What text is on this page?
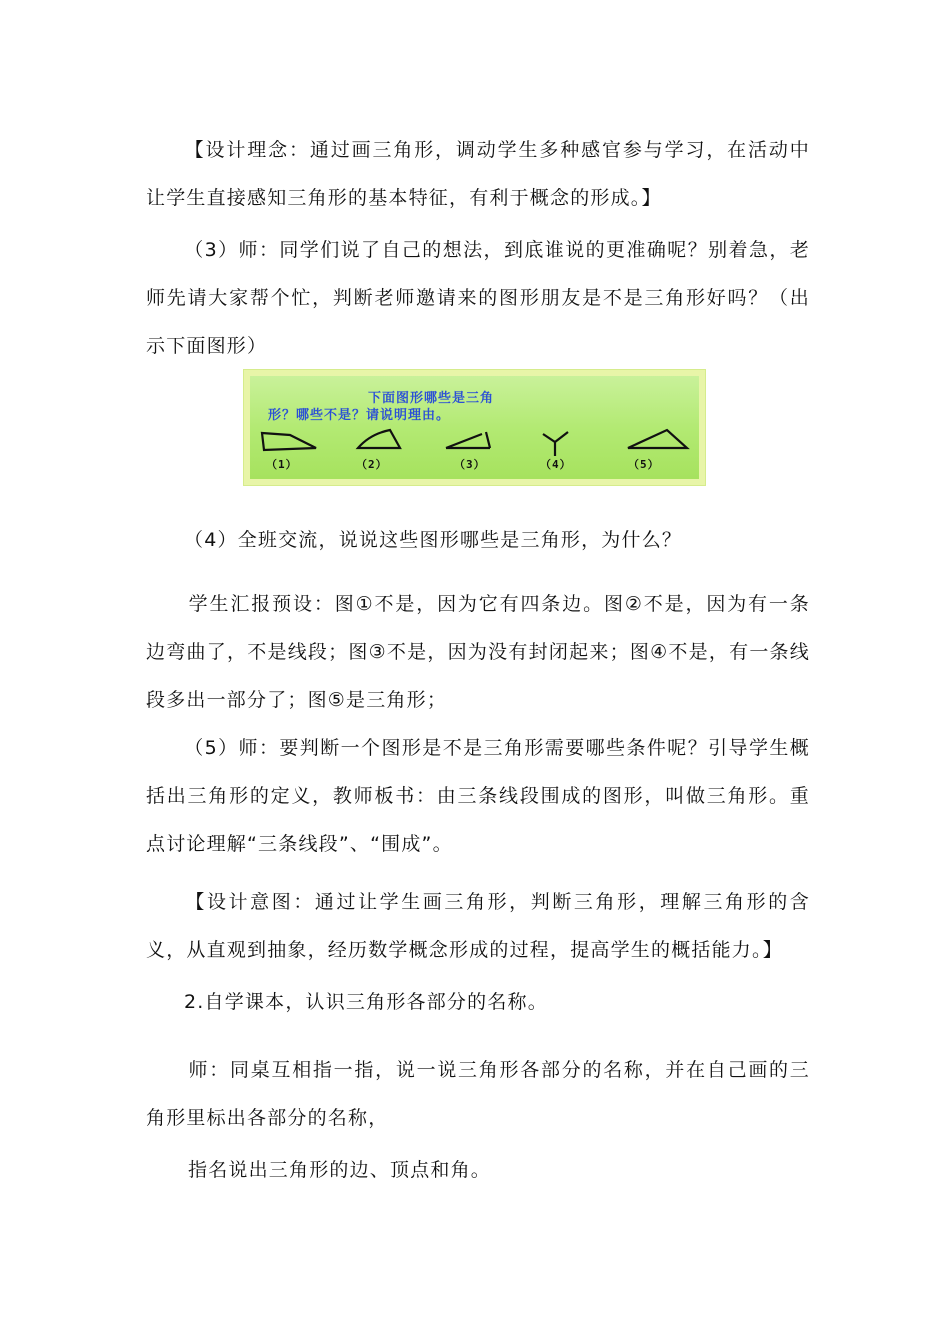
【设计理念：通过画三角形，调动学生多种感官参与学习，在活动中让学生直接感知三角形的基本特征，有利于概念的形成。】

（3）师：同学们说了自己的想法，到底谁说的更准确呢？别着急，老师先请大家帮个忙，判断老师邀请来的图形朋友是不是三角形好吗？（出示下面图形）

下面图形哪些是三角
形？哪些不是？请说明理由。
（1）	（2）	（3）	（4）	（5）

（4）全班交流，说说这些图形哪些是三角形，为什么？

学生汇报预设：图①不是，因为它有四条边。图②不是，因为有一条边弯曲了，不是线段；图③不是，因为没有封闭起来；图④不是，有一条线段多出一部分了；图⑤是三角形；

（5）师：要判断一个图形是不是三角形需要哪些条件呢？引导学生概括出三角形的定义，教师板书：由三条线段围成的图形，叫做三角形。重点讨论理解“三条线段”、“围成”。

【设计意图：通过让学生画三角形，判断三角形，理解三角形的含义，从直观到抽象，经历数学概念形成的过程，提高学生的概括能力。】

2.自学课本，认识三角形各部分的名称。

师：同桌互相指一指，说一说三角形各部分的名称，并在自己画的三角形里标出各部分的名称，

指名说出三角形的边、顶点和角。
